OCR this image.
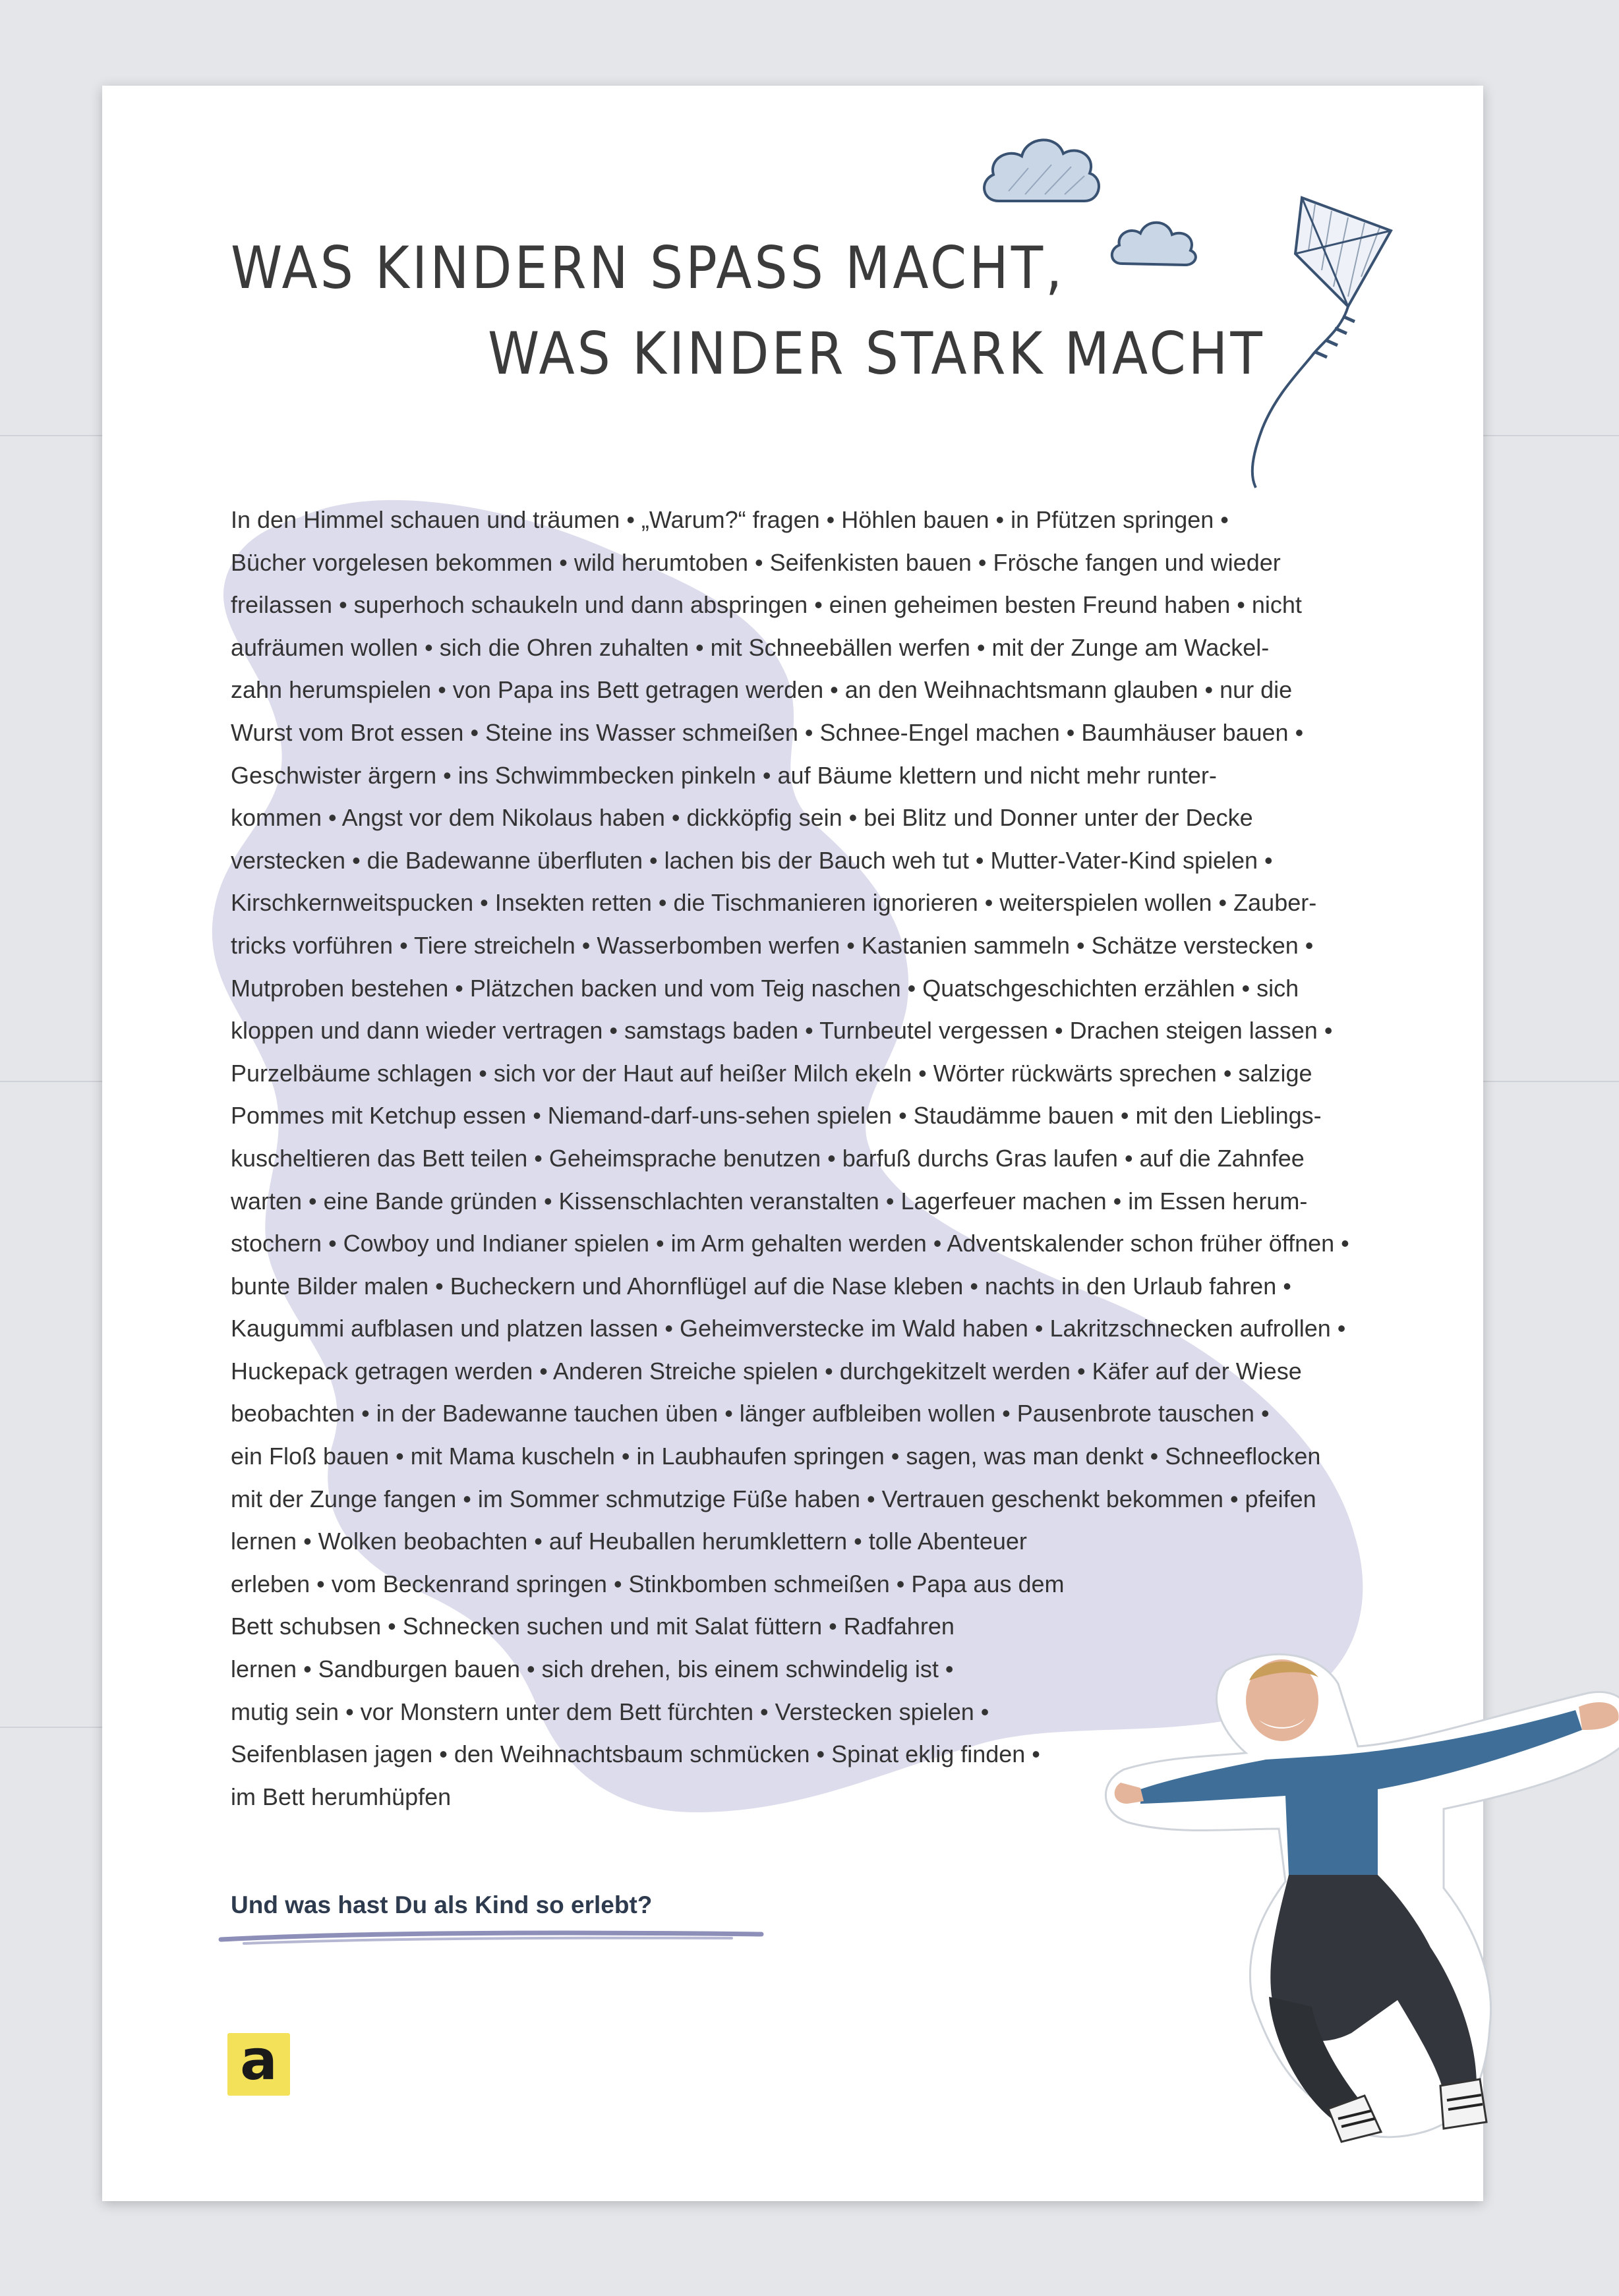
WAS KINDERN SPASS MACHT,
WAS KINDER STARK MACHT
In den Himmel schauen und träumen • „Warum?“ fragen • Höhlen bauen • in Pfützen springen •
Bücher vorgelesen bekommen • wild herumtoben • Seifenkisten bauen • Frösche fangen und wieder
freilassen • superhoch schaukeln und dann abspringen • einen geheimen besten Freund haben • nicht
aufräumen wollen • sich die Ohren zuhalten • mit Schneebällen werfen • mit der Zunge am Wackel-
zahn herumspielen • von Papa ins Bett getragen werden • an den Weihnachtsmann glauben • nur die
Wurst vom Brot essen • Steine ins Wasser schmeißen • Schnee-Engel machen • Baumhäuser bauen •
Geschwister ärgern • ins Schwimmbecken pinkeln • auf Bäume klettern und nicht mehr runter-
kommen • Angst vor dem Nikolaus haben • dickköpfig sein • bei Blitz und Donner unter der Decke
verstecken • die Badewanne überfluten • lachen bis der Bauch weh tut • Mutter-Vater-Kind spielen •
Kirschkernweitspucken • Insekten retten • die Tischmanieren ignorieren • weiterspielen wollen • Zauber-
tricks vorführen • Tiere streicheln • Wasserbomben werfen • Kastanien sammeln • Schätze verstecken •
Mutproben bestehen • Plätzchen backen und vom Teig naschen • Quatschgeschichten erzählen • sich
kloppen und dann wieder vertragen • samstags baden • Turnbeutel vergessen • Drachen steigen lassen •
Purzelbäume schlagen • sich vor der Haut auf heißer Milch ekeln • Wörter rückwärts sprechen • salzige
Pommes mit Ketchup essen • Niemand-darf-uns-sehen spielen • Staudämme bauen • mit den Lieblings-
kuscheltieren das Bett teilen • Geheimsprache benutzen • barfuß durchs Gras laufen • auf die Zahnfee
warten • eine Bande gründen • Kissenschlachten veranstalten • Lagerfeuer machen • im Essen herum-
stochern • Cowboy und Indianer spielen • im Arm gehalten werden • Adventskalender schon früher öffnen •
bunte Bilder malen • Bucheckern und Ahornflügel auf die Nase kleben • nachts in den Urlaub fahren •
Kaugummi aufblasen und platzen lassen • Geheimverstecke im Wald haben • Lakritzschnecken aufrollen •
Huckepack getragen werden • Anderen Streiche spielen • durchgekitzelt werden • Käfer auf der Wiese
beobachten • in der Badewanne tauchen üben • länger aufbleiben wollen • Pausenbrote tauschen •
ein Floß bauen • mit Mama kuscheln • in Laubhaufen springen • sagen, was man denkt • Schneeflocken
mit der Zunge fangen • im Sommer schmutzige Füße haben • Vertrauen geschenkt bekommen • pfeifen
lernen • Wolken beobachten • auf Heuballen herumklettern • tolle Abenteuer
erleben • vom Beckenrand springen • Stinkbomben schmeißen • Papa aus dem
Bett schubsen • Schnecken suchen und mit Salat füttern • Radfahren
lernen • Sandburgen bauen • sich drehen, bis einem schwindelig ist •
mutig sein • vor Monstern unter dem Bett fürchten • Verstecken spielen •
Seifenblasen jagen • den Weihnachtsbaum schmücken • Spinat eklig finden •
im Bett herumhüpfen
Und was hast Du als Kind so erlebt?
a
